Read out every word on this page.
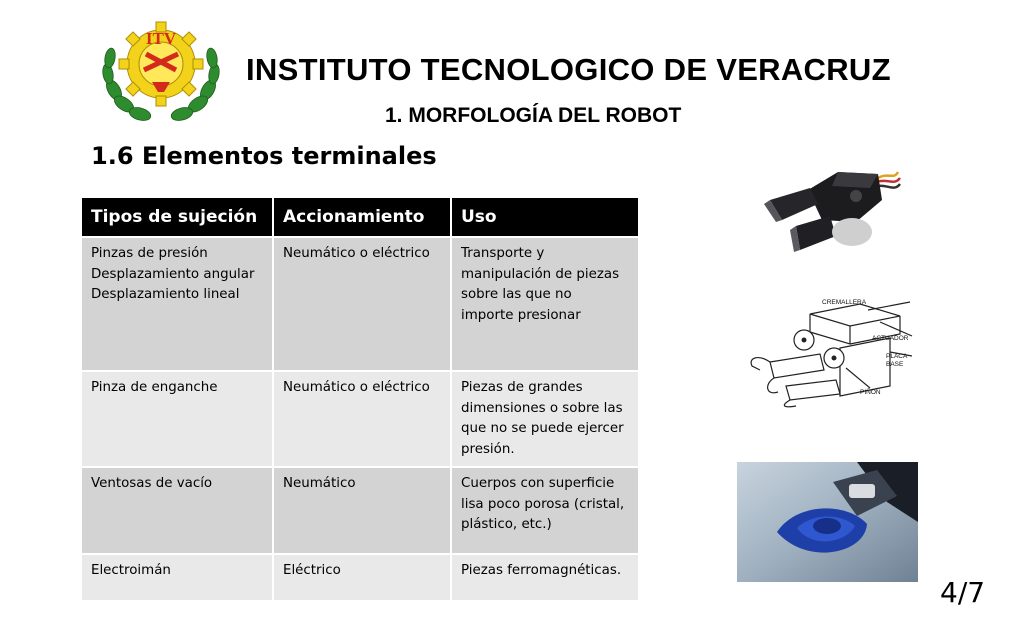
ITV
INSTITUTO TECNOLOGICO DE VERACRUZ
1. MORFOLOGÍA DEL ROBOT
1.6 Elementos terminales
Tipos de sujeción	Accionamiento	Uso

Pinzas de presión
Desplazamiento angular
Desplazamiento lineal	Neumático o eléctrico	Transporte y
manipulación de piezas
sobre las que no
importe presionar

Pinza de enganche	Neumático o eléctrico	Piezas de grandes
dimensiones o sobre las
que no se puede ejercer
presión.

Ventosas de vacío	Neumático	Cuerpos con superficie
lisa poco porosa (cristal,
plástico, etc.)

Electroimán	Eléctrico	Piezas ferromagnéticas.
CREMALLERA
ACTUADOR
PLACA
BASE
PIÑON
4/7
